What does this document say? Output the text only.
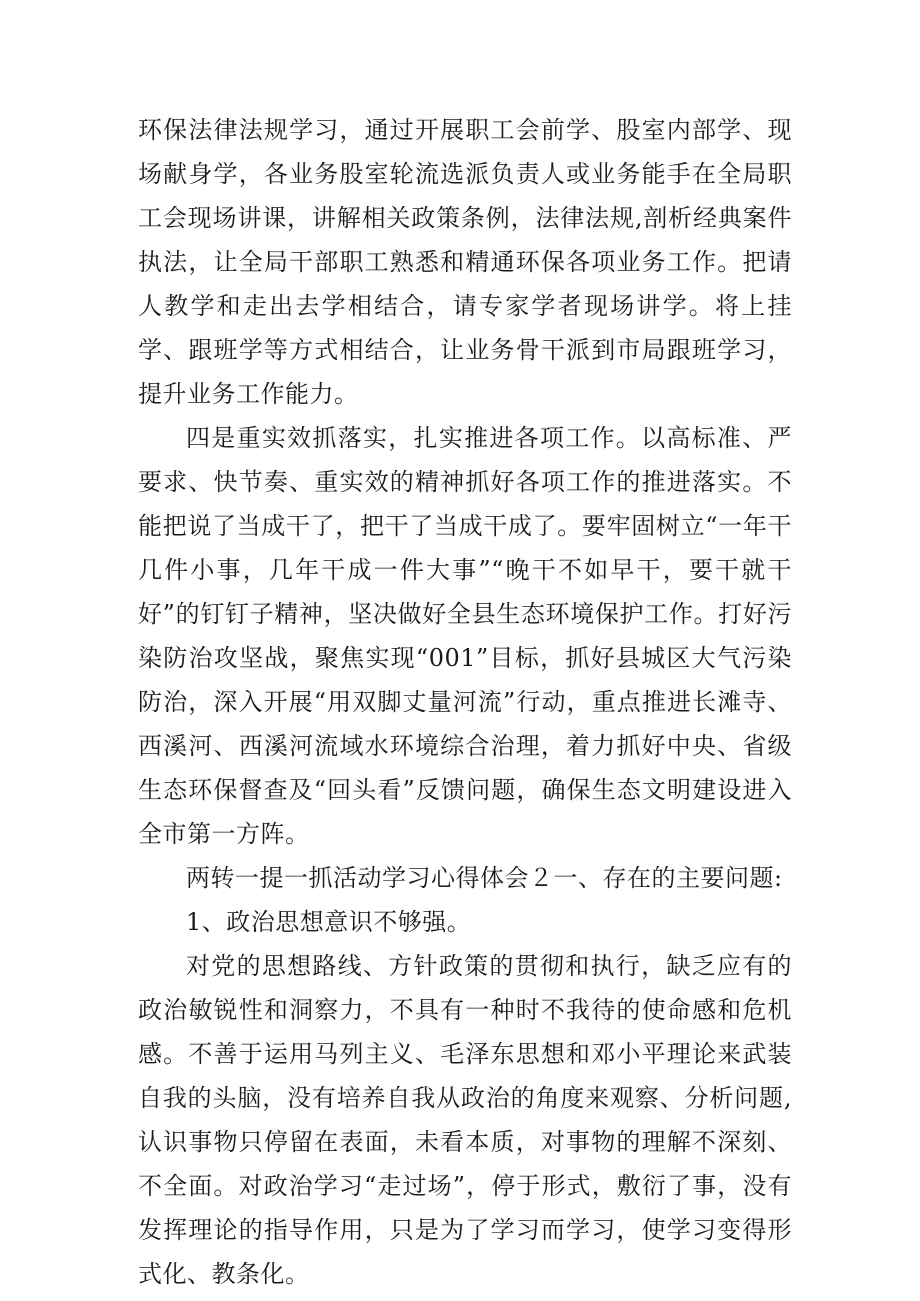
环保法律法规学习，通过开展职工会前学、股室内部学、现场献身学，各业务股室轮流选派负责人或业务能手在全局职工会现场讲课，讲解相关政策条例，法律法规,剖析经典案件执法，让全局干部职工熟悉和精通环保各项业务工作。把请人教学和走出去学相结合，请专家学者现场讲学。将上挂学、跟班学等方式相结合，让业务骨干派到市局跟班学习，提升业务工作能力。

四是重实效抓落实，扎实推进各项工作。以高标准、严要求、快节奏、重实效的精神抓好各项工作的推进落实。不能把说了当成干了，把干了当成干成了。要牢固树立“一年干几件小事，几年干成一件大事”“晚干不如早干，要干就干好”的钉钉子精神，坚决做好全县生态环境保护工作。打好污染防治攻坚战，聚焦实现“001”目标，抓好县城区大气污染防治，深入开展“用双脚丈量河流”行动，重点推进长滩寺、西溪河、西溪河流域水环境综合治理，着力抓好中央、省级生态环保督查及“回头看”反馈问题，确保生态文明建设进入全市第一方阵。

两转一提一抓活动学习心得体会２一、存在的主要问题:

1、政治思想意识不够强。

对党的思想路线、方针政策的贯彻和执行，缺乏应有的政治敏锐性和洞察力，不具有一种时不我待的使命感和危机感。不善于运用马列主义、毛泽东思想和邓小平理论来武装自我的头脑，没有培养自我从政治的角度来观察、分析问题,认识事物只停留在表面，未看本质，对事物的理解不深刻、不全面。对政治学习“走过场”，停于形式，敷衍了事，没有发挥理论的指导作用，只是为了学习而学习，使学习变得形式化、教条化。
